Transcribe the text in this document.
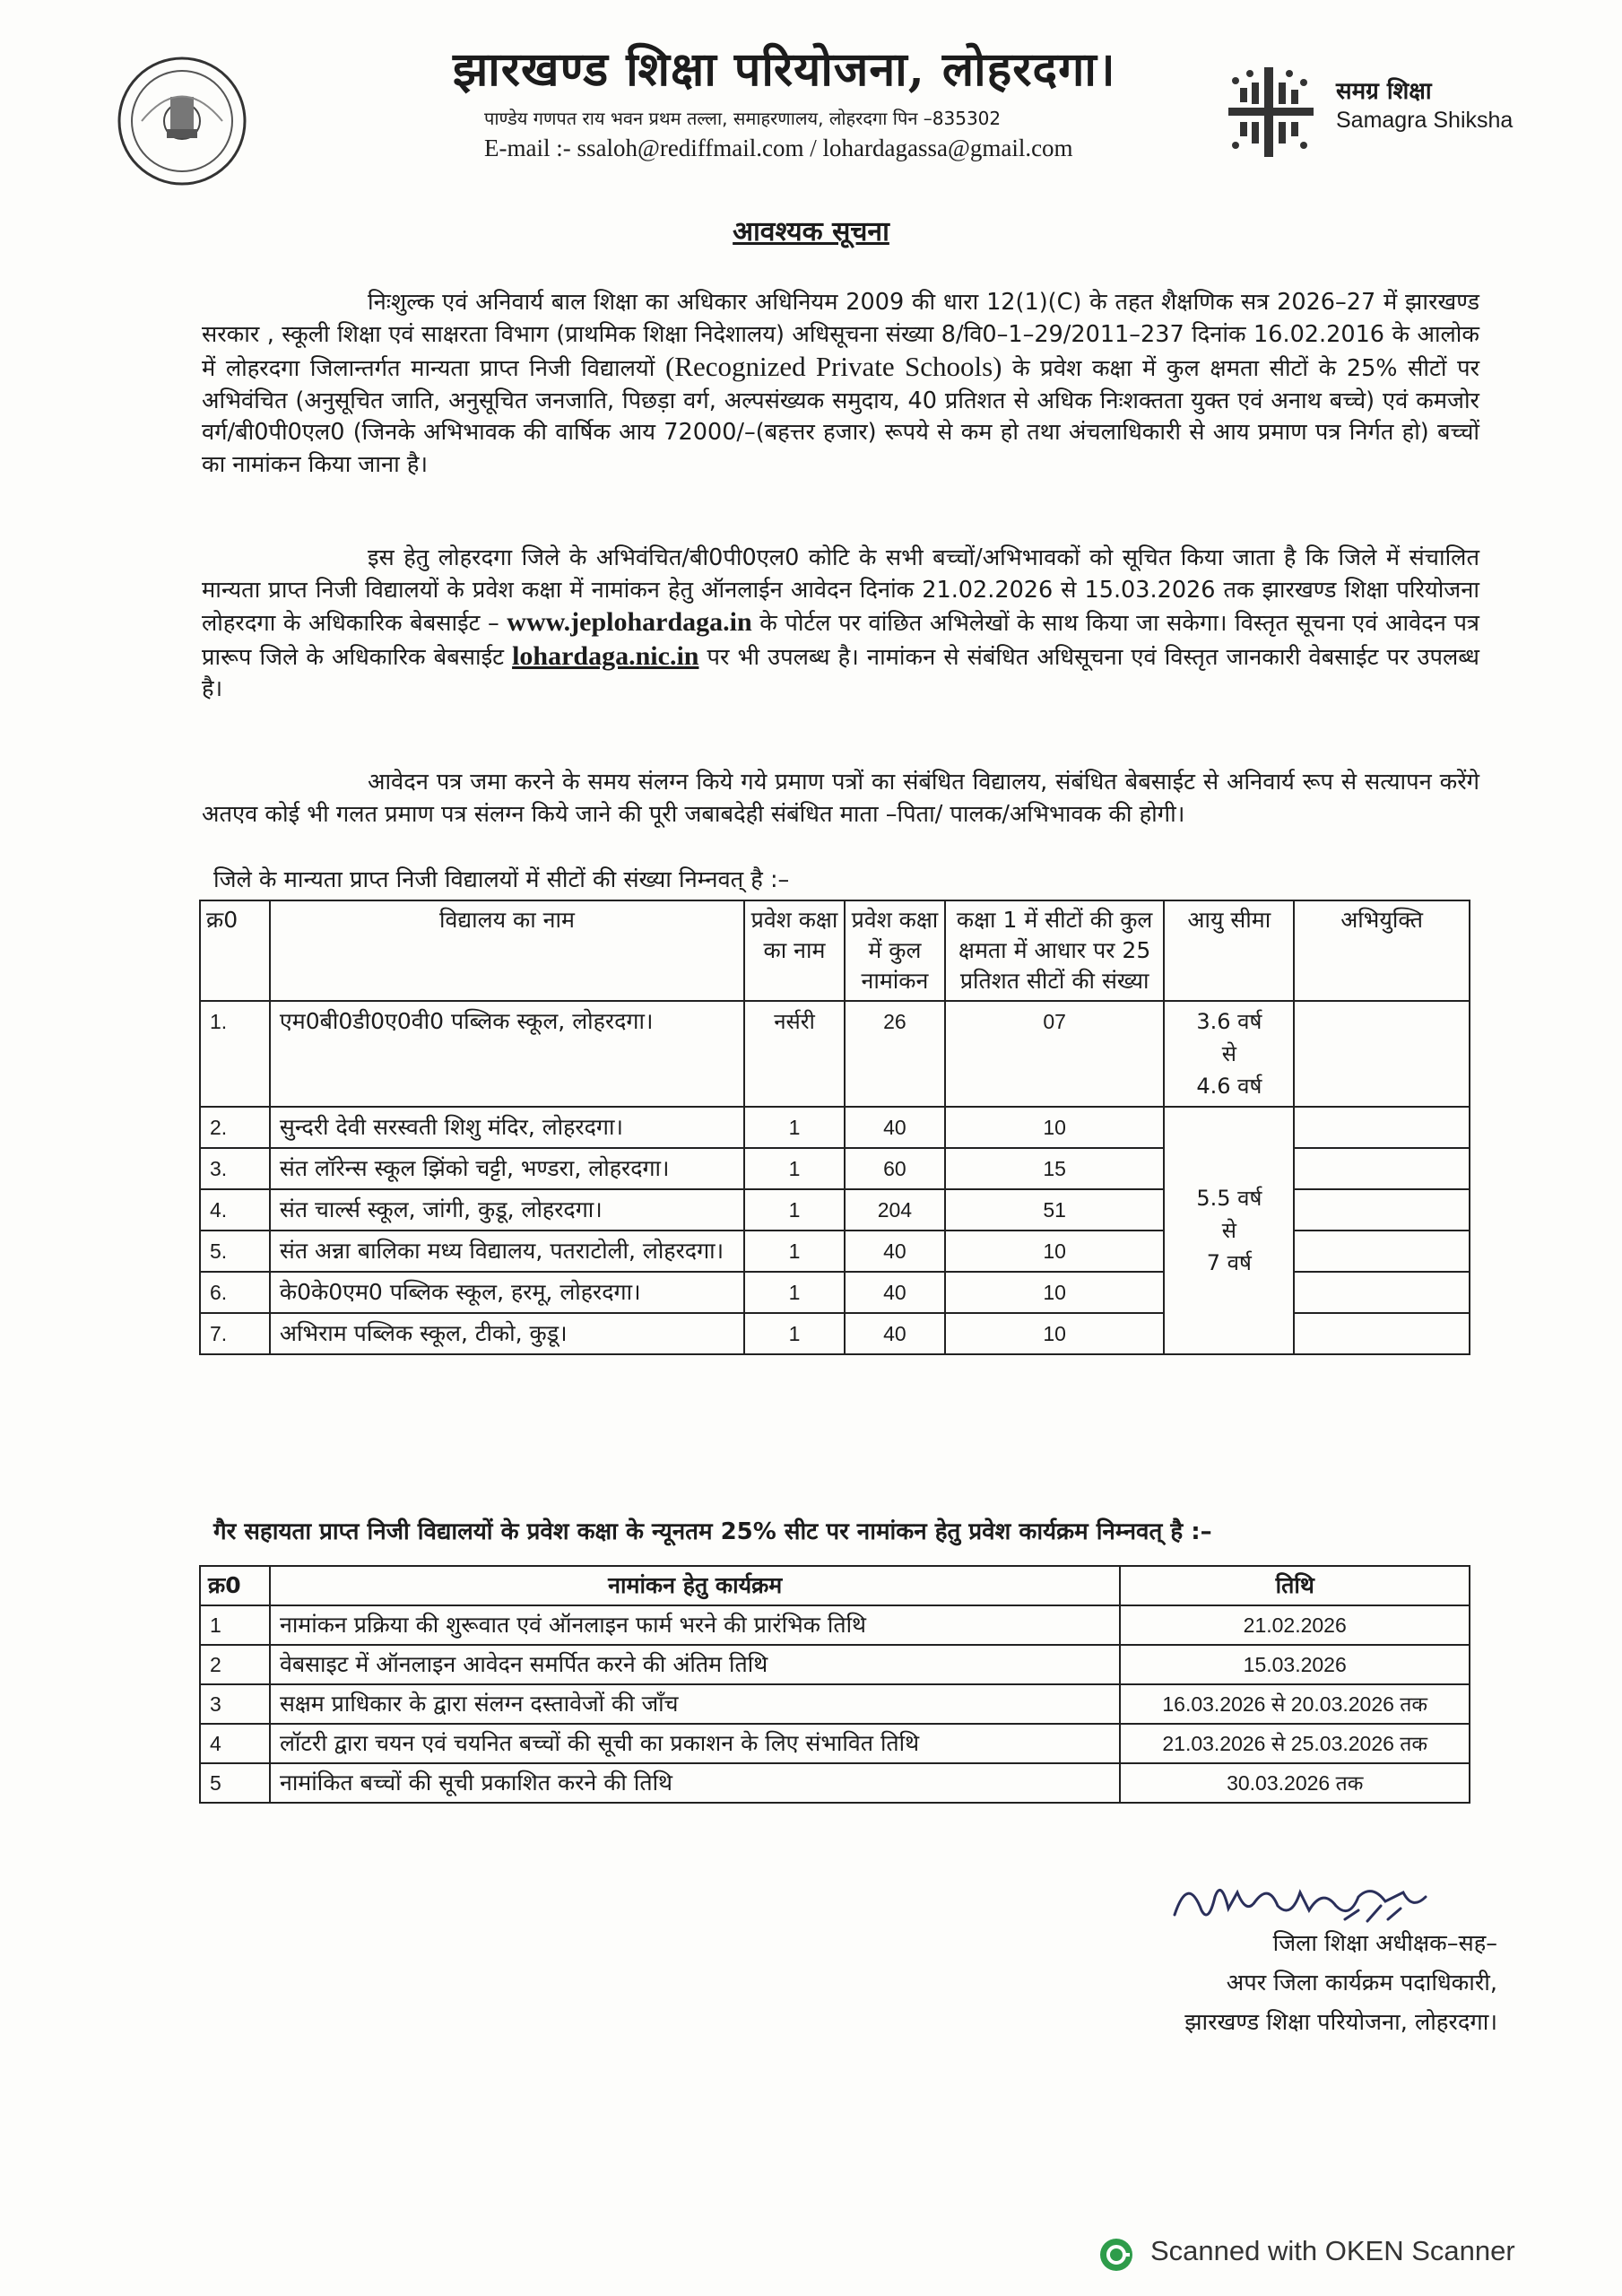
झारखण्ड शिक्षा परियोजना, लोहरदगा।
पाण्डेय गणपत राय भवन प्रथम तल्ला, समाहरणालय, लोहरदगा पिन –835302
E-mail :- ssaloh@rediffmail.com / lohardagassa@gmail.com
समग्र शिक्षा
Samagra Shiksha
आवश्यक सूचना
निःशुल्क एवं अनिवार्य बाल शिक्षा का अधिकार अधिनियम 2009 की धारा 12(1)(C) के तहत शैक्षणिक सत्र 2026–27 में झारखण्ड सरकार , स्कूली शिक्षा एवं साक्षरता विभाग (प्राथमिक शिक्षा निदेशालय) अधिसूचना संख्या 8/वि0–1–29/2011–237 दिनांक 16.02.2016 के आलोक में लोहरदगा जिलान्तर्गत मान्यता प्राप्त निजी विद्यालयों (Recognized Private Schools) के प्रवेश कक्षा में कुल क्षमता सीटों के 25% सीटों पर अभिवंचित (अनुसूचित जाति, अनुसूचित जनजाति, पिछड़ा वर्ग, अल्पसंख्यक समुदाय, 40 प्रतिशत से अधिक निःशक्तता युक्त एवं अनाथ बच्चे) एवं कमजोर वर्ग/बी0पी0एल0 (जिनके अभिभावक की वार्षिक आय 72000/–(बहत्तर हजार) रूपये से कम हो तथा अंचलाधिकारी से आय प्रमाण पत्र निर्गत हो) बच्चों का नामांकन किया जाना है।
इस हेतु लोहरदगा जिले के अभिवंचित/बी0पी0एल0 कोटि के सभी बच्चों/अभिभावकों को सूचित किया जाता है कि जिले में संचालित मान्यता प्राप्त निजी विद्यालयों के प्रवेश कक्षा में नामांकन हेतु ऑनलाईन आवेदन दिनांक 21.02.2026 से 15.03.2026 तक झारखण्ड शिक्षा परियोजना लोहरदगा के अधिकारिक बेबसाईट – www.jeplohardaga.in के पोर्टल पर वांछित अभिलेखों के साथ किया जा सकेगा। विस्तृत सूचना एवं आवेदन पत्र प्रारूप जिले के अधिकारिक बेबसाईट lohardaga.nic.in पर भी उपलब्ध है। नामांकन से संबंधित अधिसूचना एवं विस्तृत जानकारी वेबसाईट पर उपलब्ध है।
आवेदन पत्र जमा करने के समय संलग्न किये गये प्रमाण पत्रों का संबंधित विद्यालय, संबंधित बेबसाईट से अनिवार्य रूप से सत्यापन करेंगे अतएव कोई भी गलत प्रमाण पत्र संलग्न किये जाने की पूरी जबाबदेही संबंधित माता –पिता/ पालक/अभिभावक की होगी।
जिले के मान्यता प्राप्त निजी विद्यालयों में सीटों की संख्या निम्नवत् है :–
क्र0	विद्यालय का नाम	प्रवेश कक्षा का नाम	प्रवेश कक्षा में कुल नामांकन	कक्षा 1 में सीटों की कुल क्षमता में आधार पर 25 प्रतिशत सीटों की संख्या	आयु सीमा	अभियुक्ति
1.	एम0बी0डी0ए0वी0 पब्लिक स्कूल, लोहरदगा।	नर्सरी	26	07	3.6 वर्ष
से
4.6 वर्ष	

2.	सुन्दरी देवी सरस्वती शिशु मंदिर, लोहरदगा।	1	40	10	5.5 वर्ष
से
7 वर्ष	

3.	संत लॉरेन्स स्कूल झिंको चट्टी, भण्डरा, लोहरदगा।	1	60	15		
4.	संत चार्ल्स स्कूल, जांगी, कुडू, लोहरदगा।	1	204	51		
5.	संत अन्ना बालिका मध्य विद्यालय, पतराटोली, लोहरदगा।	1	40	10		
6.	के0के0एम0 पब्लिक स्कूल, हरमू, लोहरदगा।	1	40	10		
7.	अभिराम पब्लिक स्कूल, टीको, कुडू।	1	40	10		
गैर सहायता प्राप्त निजी विद्यालयों के प्रवेश कक्षा के न्यूनतम 25% सीट पर नामांकन हेतु प्रवेश कार्यक्रम निम्नवत् है :–
क्र0	नामांकन हेतु कार्यक्रम	तिथि
1	नामांकन प्रक्रिया की शुरूवात एवं ऑनलाइन फार्म भरने की प्रारंभिक तिथि	21.02.2026
2	वेबसाइट में ऑनलाइन आवेदन समर्पित करने की अंतिम तिथि	15.03.2026
3	सक्षम प्राधिकार के द्वारा संलग्न दस्तावेजों की जाँच	16.03.2026 से 20.03.2026 तक
4	लॉटरी द्वारा चयन एवं चयनित बच्चों की सूची का प्रकाशन के लिए संभावित तिथि	21.03.2026 से 25.03.2026 तक
5	नामांकित बच्चों की सूची प्रकाशित करने की तिथि	30.03.2026 तक
जिला शिक्षा अधीक्षक–सह–
अपर जिला कार्यक्रम पदाधिकारी,
झारखण्ड शिक्षा परियोजना, लोहरदगा।
Scanned with OKEN Scanner
